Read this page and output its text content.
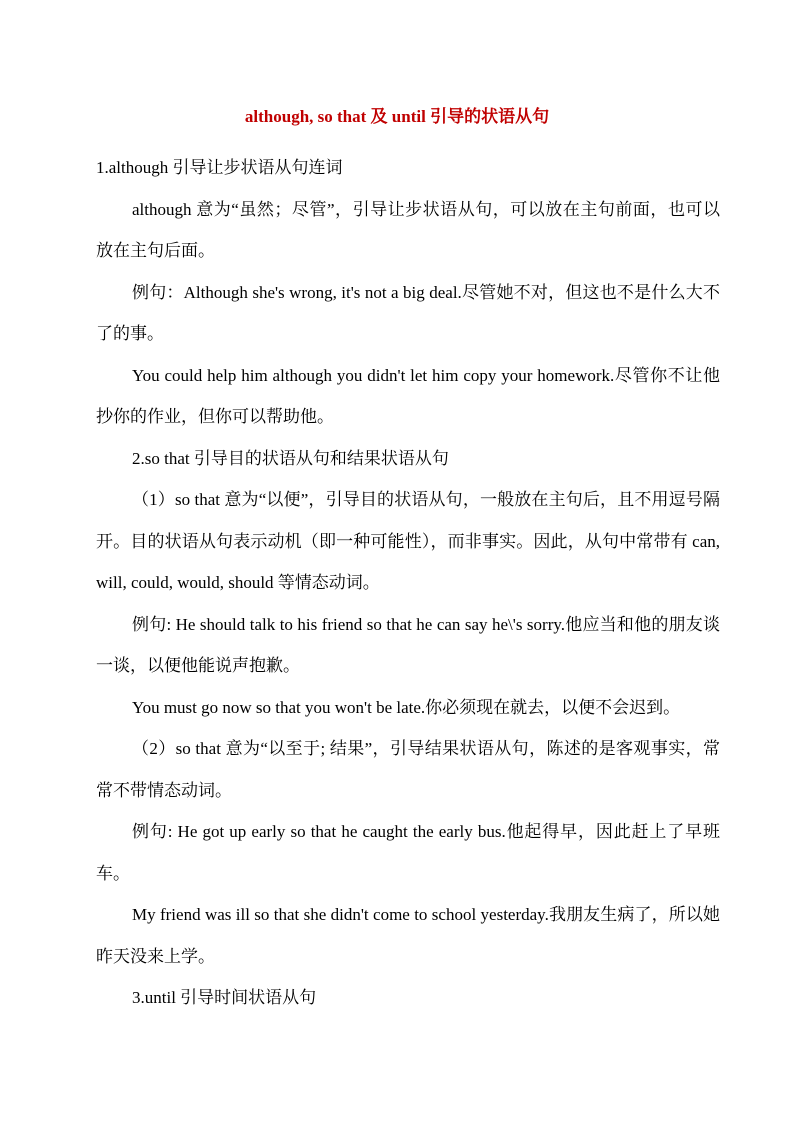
although, so that 及 until 引导的状语从句

1.although 引导让步状语从句连词

although 意为“虽然；尽管”，引导让步状语从句，可以放在主句前面，也可以放在主句后面。

例句：Although she's wrong, it's not a big deal.尽管她不对，但这也不是什么大不了的事。

You could help him although you didn't let him copy your homework.尽管你不让他抄你的作业，但你可以帮助他。

2.so that 引导目的状语从句和结果状语从句

（1）so that 意为“以便”，引导目的状语从句，一般放在主句后，且不用逗号隔开。目的状语从句表示动机（即一种可能性），而非事实。因此，从句中常带有 can, will, could, would, should 等情态动词。

例句: He should talk to his friend so that he can say he\'s sorry.他应当和他的朋友谈一谈，以便他能说声抱歉。

You must go now so that you won't be late.你必须现在就去，以便不会迟到。

（2）so that 意为“以至于; 结果”，引导结果状语从句，陈述的是客观事实，常常不带情态动词。

例句: He got up early so that he caught the early bus.他起得早，因此赶上了早班车。

My friend was ill so that she didn't come to school yesterday.我朋友生病了，所以她昨天没来上学。

3.until 引导时间状语从句
